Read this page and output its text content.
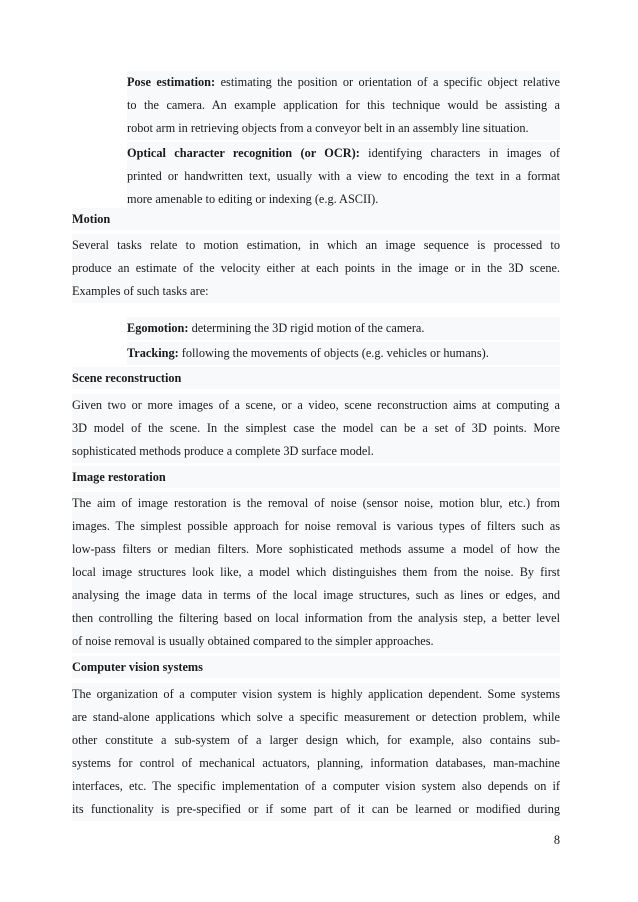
Pose estimation: estimating the position or orientation of a specific object relative
to the camera. An example application for this technique would be assisting a
robot arm in retrieving objects from a conveyor belt in an assembly line situation.
Optical character recognition (or OCR): identifying characters in images of
printed or handwritten text, usually with a view to encoding the text in a format
more amenable to editing or indexing (e.g. ASCII).
Motion
Several tasks relate to motion estimation, in which an image sequence is processed to
produce an estimate of the velocity either at each points in the image or in the 3D scene.
Examples of such tasks are:
Egomotion: determining the 3D rigid motion of the camera.
Tracking: following the movements of objects (e.g. vehicles or humans).
Scene reconstruction
Given two or more images of a scene, or a video, scene reconstruction aims at computing a
3D model of the scene. In the simplest case the model can be a set of 3D points. More
sophisticated methods produce a complete 3D surface model.
Image restoration
The aim of image restoration is the removal of noise (sensor noise, motion blur, etc.) from
images. The simplest possible approach for noise removal is various types of filters such as
low-pass filters or median filters. More sophisticated methods assume a model of how the
local image structures look like, a model which distinguishes them from the noise. By first
analysing the image data in terms of the local image structures, such as lines or edges, and
then controlling the filtering based on local information from the analysis step, a better level
of noise removal is usually obtained compared to the simpler approaches.
Computer vision systems
The organization of a computer vision system is highly application dependent. Some systems
are stand-alone applications which solve a specific measurement or detection problem, while
other constitute a sub-system of a larger design which, for example, also contains sub-
systems for control of mechanical actuators, planning, information databases, man-machine
interfaces, etc. The specific implementation of a computer vision system also depends on if
its functionality is pre-specified or if some part of it can be learned or modified during
8
